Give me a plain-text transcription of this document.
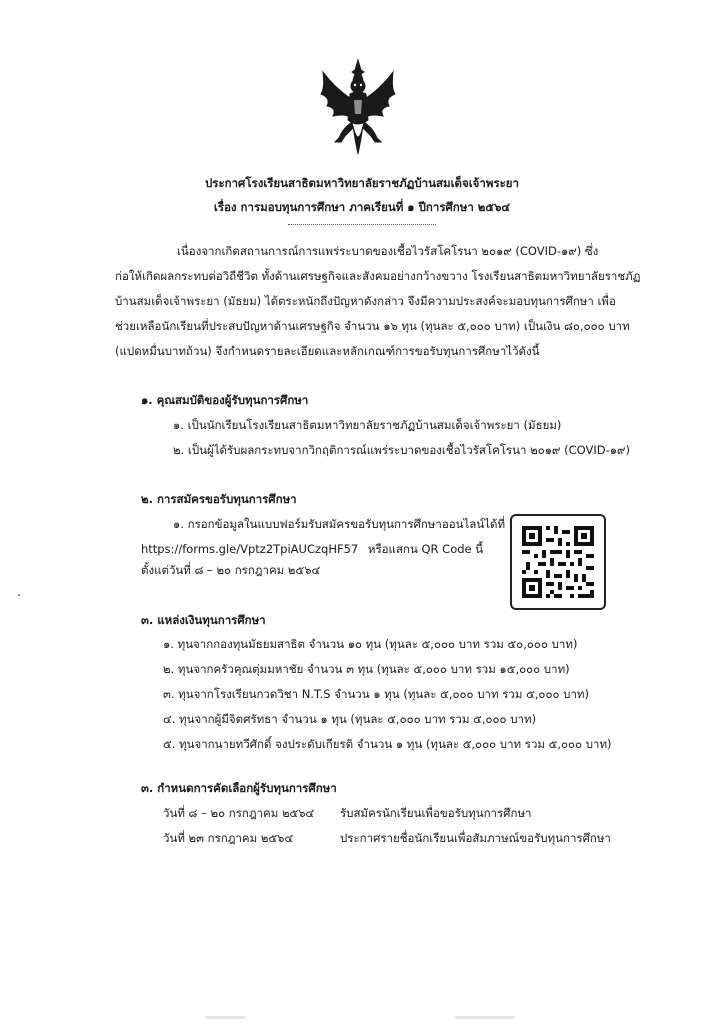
ประกาศโรงเรียนสาธิตมหาวิทยาลัยราชภัฏบ้านสมเด็จเจ้าพระยา
เรื่อง การมอบทุนการศึกษา ภาคเรียนที่ ๑ ปีการศึกษา ๒๕๖๔
เนื่องจากเกิดสถานการณ์การแพร่ระบาดของเชื้อไวรัสโคโรนา ๒๐๑๙ (COVID-๑๙) ซึ่ง
ก่อให้เกิดผลกระทบต่อวิถีชีวิต ทั้งด้านเศรษฐกิจและสังคมอย่างกว้างขวาง โรงเรียนสาธิตมหาวิทยาลัยราชภัฏ
บ้านสมเด็จเจ้าพระยา (มัธยม) ได้ตระหนักถึงปัญหาดังกล่าว จึงมีความประสงค์จะมอบทุนการศึกษา เพื่อ
ช่วยเหลือนักเรียนที่ประสบปัญหาด้านเศรษฐกิจ จำนวน ๑๖ ทุน (ทุนละ ๕,๐๐๐ บาท) เป็นเงิน ๘๐,๐๐๐ บาท
(แปดหมื่นบาทถ้วน) จึงกำหนดรายละเอียดและหลักเกณฑ์การขอรับทุนการศึกษาไว้ดังนี้
๑. คุณสมบัติของผู้รับทุนการศึกษา
๑. เป็นนักเรียนโรงเรียนสาธิตมหาวิทยาลัยราชภัฏบ้านสมเด็จเจ้าพระยา (มัธยม)
๒. เป็นผู้ได้รับผลกระทบจากวิกฤติการณ์แพร่ระบาดของเชื้อไวรัสโคโรนา ๒๐๑๙ (COVID-๑๙)
๒. การสมัครขอรับทุนการศึกษา
๑. กรอกข้อมูลในแบบฟอร์มรับสมัครขอรับทุนการศึกษาออนไลน์ได้ที่
https://forms.gle/Vptz2TpiAUCzqHF57 หรือแสกน QR Code นี้
ตั้งแต่วันที่ ๘ – ๒๐ กรกฎาคม ๒๕๖๔
๓. แหล่งเงินทุนการศึกษา
๑. ทุนจากกองทุนมัธยมสาธิต จำนวน ๑๐ ทุน (ทุนละ ๕,๐๐๐ บาท รวม ๕๐,๐๐๐ บาท)
๒. ทุนจากครัวคุณตุ่มมหาชัย จำนวน ๓ ทุน (ทุนละ ๕,๐๐๐ บาท รวม ๑๕,๐๐๐ บาท)
๓. ทุนจากโรงเรียนกวดวิชา N.T.S จำนวน ๑ ทุน (ทุนละ ๕,๐๐๐ บาท รวม ๕,๐๐๐ บาท)
๔. ทุนจากผู้มีจิตศรัทธา จำนวน ๑ ทุน (ทุนละ ๕,๐๐๐ บาท รวม ๕,๐๐๐ บาท)
๕. ทุนจากนายทวีศักดิ์ จงประดับเกียรติ จำนวน ๑ ทุน (ทุนละ ๕,๐๐๐ บาท รวม ๕,๐๐๐ บาท)
๓. กำหนดการคัดเลือกผู้รับทุนการศึกษา
วันที่ ๘ – ๒๐ กรกฎาคม ๒๕๖๔ รับสมัครนักเรียนเพื่อขอรับทุนการศึกษา
วันที่ ๒๓ กรกฎาคม ๒๕๖๔	ประกาศรายชื่อนักเรียนเพื่อสัมภาษณ์ขอรับทุนการศึกษา
